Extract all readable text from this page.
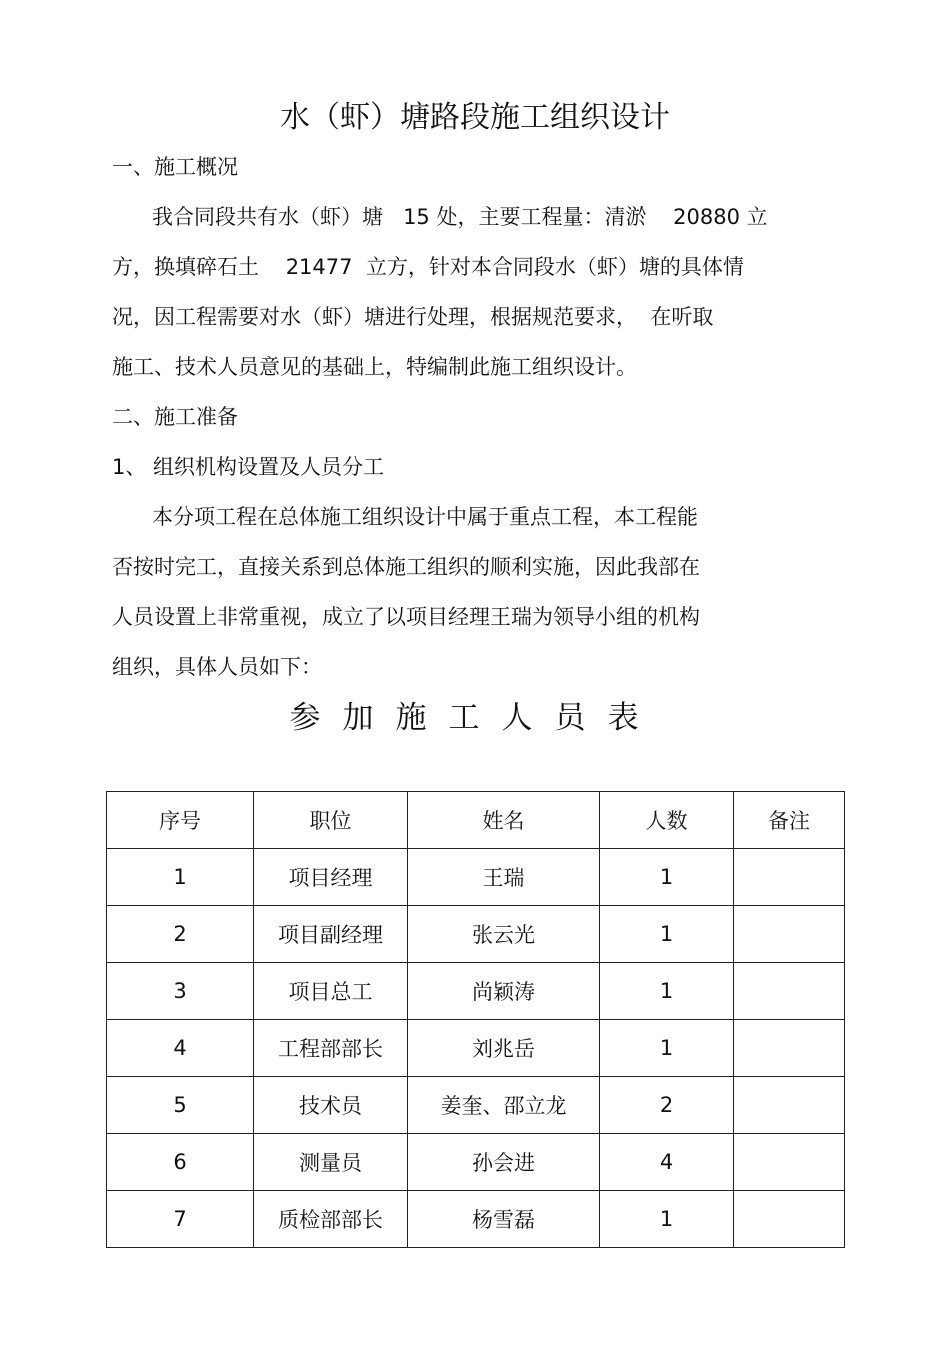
水（虾）塘路段施工组织设计
一、施工概况
我合同段共有水（虾）塘   15 处，主要工程量：清淤    20880 立
方，换填碎石土    21477  立方，针对本合同段水（虾）塘的具体情
况，因工程需要对水（虾）塘进行处理，根据规范要求，  在听取
施工、技术人员意见的基础上，特编制此施工组织设计。
二、施工准备
1、 组织机构设置及人员分工
本分项工程在总体施工组织设计中属于重点工程，本工程能
否按时完工，直接关系到总体施工组织的顺利实施，因此我部在
人员设置上非常重视，成立了以项目经理王瑞为领导小组的机构
组织，具体人员如下：
参加施工人员表
序号	职位	姓名	人数	备注
1	项目经理	王瑞	1	
2	项目副经理	张云光	1	
3	项目总工	尚颖涛	1	
4	工程部部长	刘兆岳	1	
5	技术员	姜奎、邵立龙	2	
6	测量员	孙会进	4	
7	质检部部长	杨雪磊	1	
